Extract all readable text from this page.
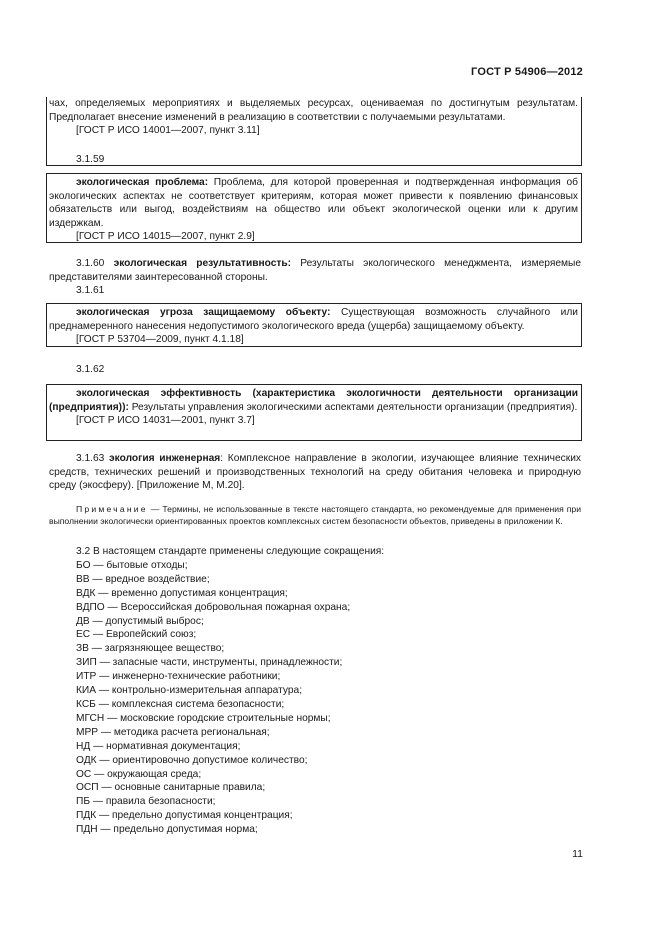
ГОСТ Р 54906—2012

чах, определяемых мероприятиях и выделяемых ресурсах, оцениваемая по достигнутым результатам. Предполагает внесение изменений в реализацию в соответствии с получаемыми результатами.

[ГОСТ Р ИСО 14001—2007, пункт 3.11]

3.1.59

экологическая проблема: Проблема, для которой проверенная и подтвержденная информация об экологических аспектах не соответствует критериям, которая может привести к появлению финансовых обязательств или выгод, воздействиям на общество или объект экологической оценки или к другим издержкам.

[ГОСТ Р ИСО 14015—2007, пункт 2.9]

3.1.60 экологическая результативность: Результаты экологического менеджмента, измеряемые представителями заинтересованной стороны.

3.1.61

экологическая угроза защищаемому объекту: Существующая возможность случайного или преднамеренного нанесения недопустимого экологического вреда (ущерба) защищаемому объекту.

[ГОСТ Р 53704—2009, пункт 4.1.18]

3.1.62

экологическая эффективность (характеристика экологичности деятельности организации (предприятия)): Результаты управления экологическими аспектами деятельности организации (предприятия).

[ГОСТ Р ИСО 14031—2001, пункт 3.7]

3.1.63 экология инженерная: Комплексное направление в экологии, изучающее влияние технических средств, технических решений и производственных технологий на среду обитания человека и природную среду (экосферу). [Приложение М, М.20].

Примечание — Термины, не использованные в тексте настоящего стандарта, но рекомендуемые для применения при выполнении экологически ориентированных проектов комплексных систем безопасности объектов, приведены в приложении К.

3.2 В настоящем стандарте применены следующие сокращения:
БО — бытовые отходы;
ВВ — вредное воздействие;
ВДК — временно допустимая концентрация;
ВДПО — Всероссийская добровольная пожарная охрана;
ДВ — допустимый выброс;
ЕС — Европейский союз;
ЗВ — загрязняющее вещество;
ЗИП — запасные части, инструменты, принадлежности;
ИТР — инженерно-технические работники;
КИА — контрольно-измерительная аппаратура;
КСБ — комплексная система безопасности;
МГСН — московские городские строительные нормы;
МРР — методика расчета региональная;
НД — нормативная документация;
ОДК — ориентировочно допустимое количество;
ОС — окружающая среда;
ОСП — основные санитарные правила;
ПБ — правила безопасности;
ПДК — предельно допустимая концентрация;
ПДН — предельно допустимая норма;
11
